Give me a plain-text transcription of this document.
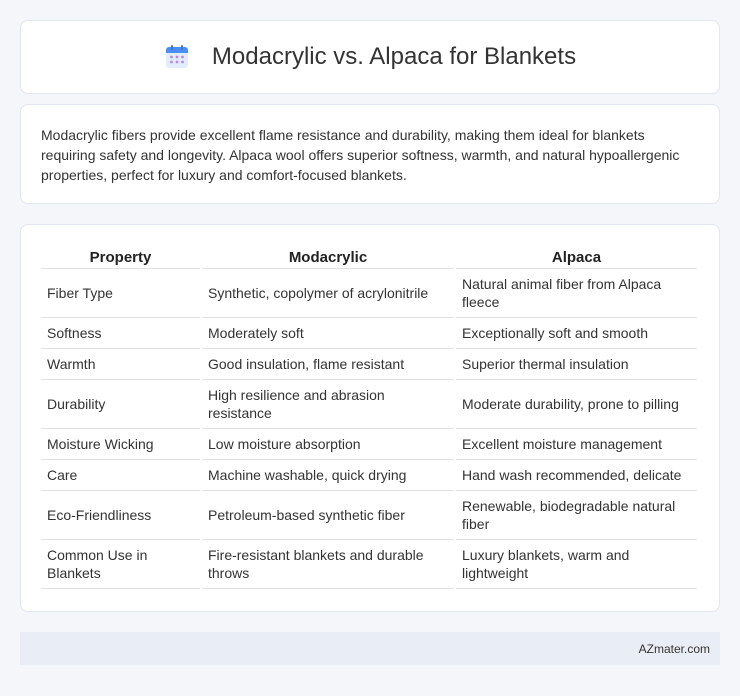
Modacrylic vs. Alpaca for Blankets

Modacrylic fibers provide excellent flame resistance and durability, making them ideal for blankets requiring safety and longevity. Alpaca wool offers superior softness, warmth, and natural hypoallergenic properties, perfect for luxury and comfort-focused blankets.

Property	Modacrylic	Alpaca
Fiber Type	Synthetic, copolymer of acrylonitrile	Natural animal fiber from Alpaca fleece
Softness	Moderately soft	Exceptionally soft and smooth
Warmth	Good insulation, flame resistant	Superior thermal insulation
Durability	High resilience and abrasion resistance	Moderate durability, prone to pilling
Moisture Wicking	Low moisture absorption	Excellent moisture management
Care	Machine washable, quick drying	Hand wash recommended, delicate
Eco-Friendliness	Petroleum-based synthetic fiber	Renewable, biodegradable natural fiber
Common Use in Blankets	Fire-resistant blankets and durable throws	Luxury blankets, warm and lightweight
AZmater.com
